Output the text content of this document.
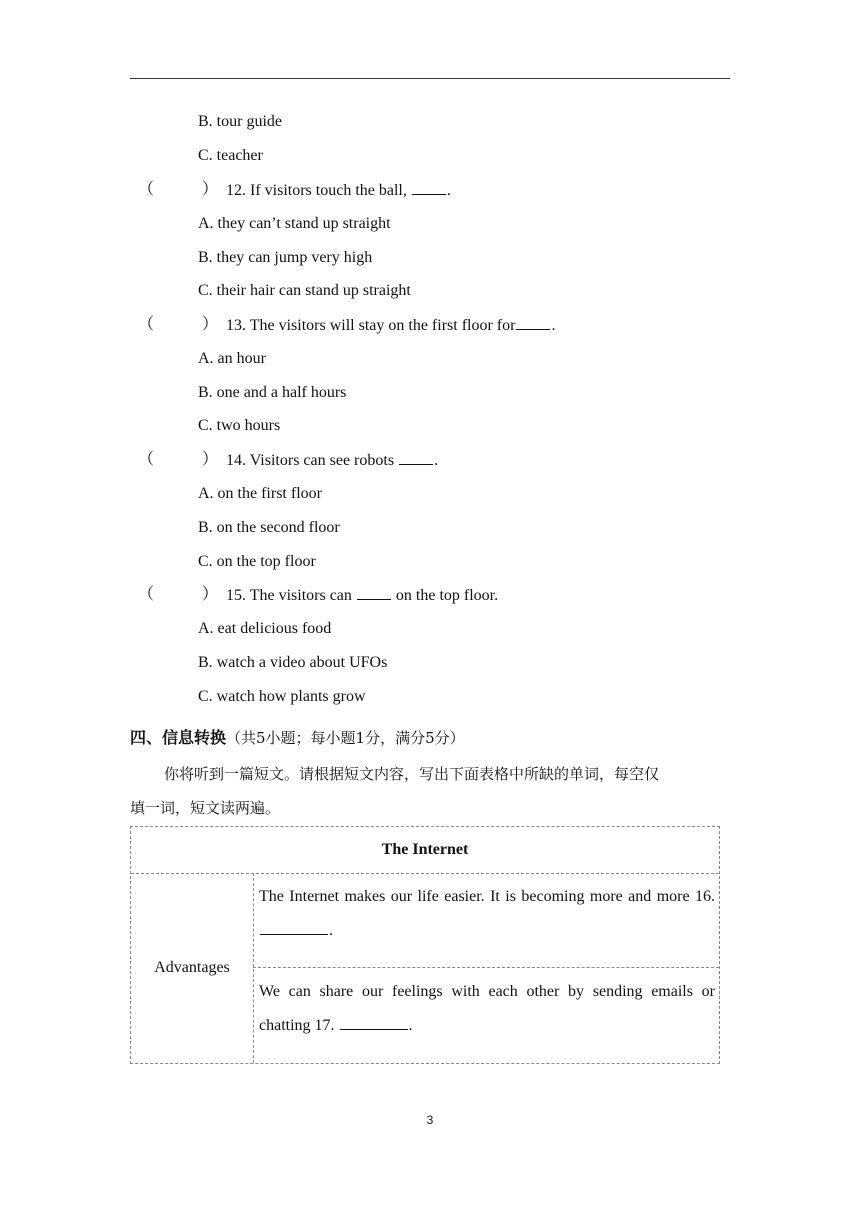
B. tour guide
C. teacher
（	） 12. If visitors touch the ball, .
A. they can’t stand up straight
B. they can jump very high
C. their hair can stand up straight
（	） 13. The visitors will stay on the first floor for .
A. an hour
B. one and a half hours
C. two hours
（	） 14. Visitors can see robots .
A. on the first floor
B. on the second floor
C. on the top floor
（	） 15. The visitors can  on the top floor.
A. eat delicious food
B. watch a video about UFOs
C. watch how plants grow
四、信息转换（共5小题；每小题1分，满分5分）
你将听到一篇短文。请根据短文内容，写出下面表格中所缺的单词，每空仅
填一词，短文读两遍。
The Internet
Advantages
The Internet makes our life easier. It is becoming more and more 16. .
We can share our feelings with each other by sending emails or chatting 17.	.
3
